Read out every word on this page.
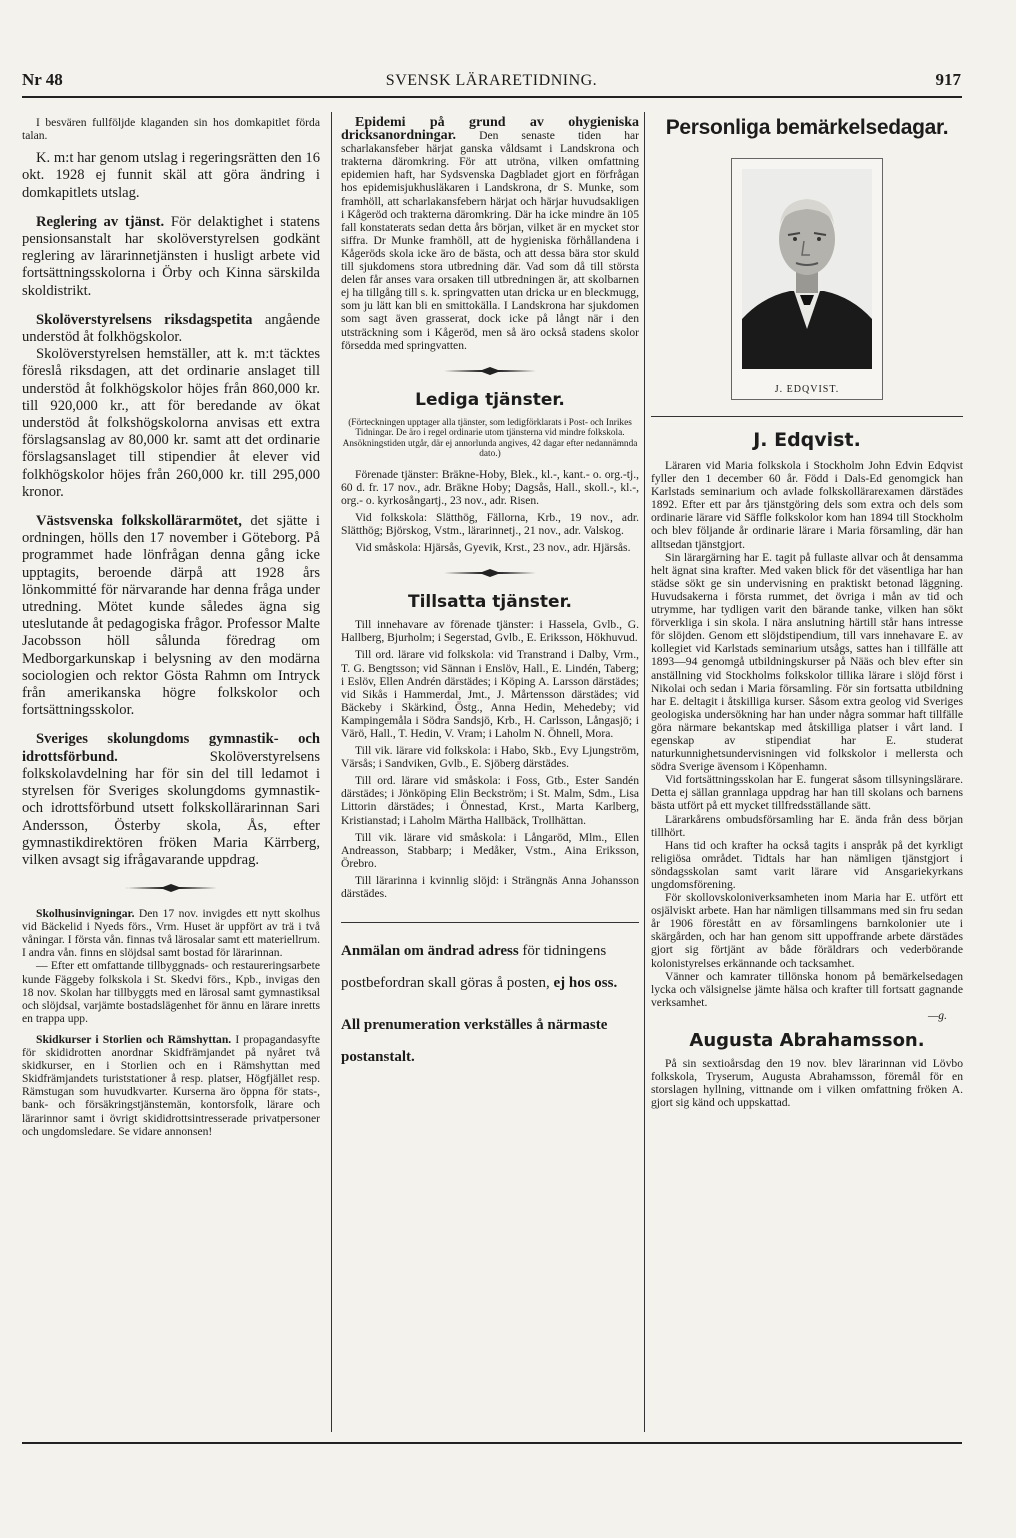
Nr 48	SVENSK LÄRARETIDNING.	917

I besvären fullföljde klaganden sin hos domkapitlet förda talan.

K. m:t har genom utslag i regeringsrätten den 16 okt. 1928 ej funnit skäl att göra ändring i domkapitlets utslag.

Reglering av tjänst. För delaktighet i statens pensionsanstalt har skolöverstyrelsen godkänt reglering av lärarinnetjänsten i husligt arbete vid fortsättningsskolorna i Örby och Kinna särskilda skoldistrikt.

Skolöverstyrelsens riksdagspetita angående understöd åt folkhögskolor.

Skolöverstyrelsen hemställer, att k. m:t täcktes föreslå riksdagen, att det ordinarie anslaget till understöd åt folkhögskolor höjes från 860,000 kr. till 920,000 kr., att för beredande av ökat understöd åt folkshögskolorna anvisas ett extra förslagsanslag av 80,000 kr. samt att det ordinarie förslagsanslaget till stipendier åt elever vid folkhögskolor höjes från 260,000 kr. till 295,000 kronor.

Västsvenska folkskollärarmötet, det sjätte i ordningen, hölls den 17 november i Göteborg. På programmet hade lönfrågan denna gång icke upptagits, beroende därpå att 1928 års lönkommitté för närvarande har denna fråga under utredning. Mötet kunde således ägna sig uteslutande åt pedagogiska frågor. Professor Malte Jacobsson höll sålunda föredrag om Medborgarkunskap i belysning av den modärna sociologien och rektor Gösta Rahmn om Intryck från amerikanska högre folkskolor och fortsättningsskolor.

Sveriges skolungdoms gymnastik- och idrottsförbund. Skolöverstyrelsens folkskolavdelning har för sin del till ledamot i styrelsen för Sveriges skolungdoms gymnastik- och idrottsförbund utsett folkskollärarinnan Sari Andersson, Österby skola, Ås, efter gymnastikdirektören fröken Maria Kärrberg, vilken avsagt sig ifrågavarande uppdrag.

Skolhusinvigningar. Den 17 nov. invigdes ett nytt skolhus vid Bäckelid i Nyeds förs., Vrm. Huset är uppfört av trä i två våningar. I första vån. finnas två lärosalar samt ett materiellrum. I andra vån. finns en slöjdsal samt bostad för lärarinnan.

— Efter ett omfattande tillbyggnads- och restaureringsarbete kunde Fäggeby folkskola i St. Skedvi förs., Kpb., invigas den 18 nov. Skolan har tillbyggts med en lärosal samt gymnastiksal och slöjdsal, varjämte bostadslägenhet för ännu en lärare inretts en trappa upp.

Skidkurser i Storlien och Rämshyttan. I propagandasyfte för skididrotten anordnar Skidfrämjandet på nyåret två skidkurser, en i Storlien och en i Rämshyttan med Skidfrämjandets turiststationer å resp. platser, Högfjället resp. Rämstugan som huvudkvarter. Kurserna äro öppna för stats-, bank- och försäkringstjänstemän, kontorsfolk, lärare och lärarinnor samt i övrigt skididrottsintresserade privatpersoner och ungdomsledare. Se vidare annonsen!

Epidemi på grund av ohygieniska dricksanordningar. Den senaste tiden har scharlakansfeber härjat ganska våldsamt i Landskrona och trakterna däromkring. För att utröna, vilken omfattning epidemien haft, har Sydsvenska Dagbladet gjort en förfrågan hos epidemisjukhusläkaren i Landskrona, dr S. Munke, som framhöll, att scharlakansfebern härjat och härjar huvudsakligen i Kågeröd och trakterna däromkring. Där ha icke mindre än 105 fall konstaterats sedan detta års början, vilket är en mycket stor siffra. Dr Munke framhöll, att de hygieniska förhållandena i Kågeröds skola icke äro de bästa, och att dessa bära stor skuld till sjukdomens stora utbredning där. Vad som då till största delen får anses vara orsaken till utbredningen är, att skolbarnen ej ha tillgång till s. k. springvatten utan dricka ur en bleckmugg, som ju lätt kan bli en smittokälla. I Landskrona har sjukdomen som sagt även grasserat, dock icke på långt när i den utsträckning som i Kågeröd, men så äro också stadens skolor försedda med springvatten.

Lediga tjänster.

(Förteckningen upptager alla tjänster, som ledigförklarats i Post- och Inrikes Tidningar. De äro i regel ordinarie utom tjänsterna vid mindre folkskola. Ansökningstiden utgår, där ej annorlunda angives, 42 dagar efter nedannämnda dato.)

Förenade tjänster: Bräkne-Hoby, Blek., kl.-, kant.- o. org.-tj., 60 d. fr. 17 nov., adr. Bräkne Hoby; Dagsås, Hall., skoll.-, kl.-, org.- o. kyrkosångartj., 23 nov., adr. Risen.

Vid folkskola: Slätthög, Fällorna, Krb., 19 nov., adr. Slätthög; Björskog, Vstm., lärarinnetj., 21 nov., adr. Valskog.

Vid småskola: Hjärsås, Gyevik, Krst., 23 nov., adr. Hjärsås.

Tillsatta tjänster.

Till innehavare av förenade tjänster: i Hassela, Gvlb., G. Hallberg, Bjurholm; i Segerstad, Gvlb., E. Eriksson, Hökhuvud.

Till ord. lärare vid folkskola: vid Transtrand i Dalby, Vrm., T. G. Bengtsson; vid Sännan i Enslöv, Hall., E. Lindén, Taberg; i Eslöv, Ellen Andrén därstädes; i Köping A. Larsson därstädes; vid Sikås i Hammerdal, Jmt., J. Mårtensson därstädes; vid Bäckeby i Skärkind, Östg., Anna Hedin, Mehedeby; vid Kampingemåla i Södra Sandsjö, Krb., H. Carlsson, Långasjö; i Värö, Hall., T. Hedin, V. Vram; i Laholm N. Öhnell, Mora.

Till vik. lärare vid folkskola: i Habo, Skb., Evy Ljungström, Värsås; i Sandviken, Gvlb., E. Sjöberg därstädes.

Till ord. lärare vid småskola: i Foss, Gtb., Ester Sandén därstädes; i Jönköping Elin Beckström; i St. Malm, Sdm., Lisa Littorin därstädes; i Önnestad, Krst., Marta Karlberg, Kristianstad; i Laholm Märtha Hallbäck, Trollhättan.

Till vik. lärare vid småskola: i Långaröd, Mlm., Ellen Andreasson, Stabbarp; i Medåker, Vstm., Aina Eriksson, Örebro.

Till lärarinna i kvinnlig slöjd: i Strängnäs Anna Johansson därstädes.

Anmälan om ändrad adress för tidningens postbefordran skall göras å posten, ej hos oss.

All prenumeration verkställes å närmaste postanstalt.

Personliga bemärkelsedagar.
J. EDQVIST.
J. Edqvist.

Läraren vid Maria folkskola i Stockholm John Edvin Edqvist fyller den 1 december 60 år. Född i Dals-Ed genomgick han Karlstads seminarium och avlade folkskollärarexamen därstädes 1892. Efter ett par års tjänstgöring dels som extra och dels som ordinarie lärare vid Säffle folkskolor kom han 1894 till Stockholm och blev följande år ordinarie lärare i Maria församling, där han alltsedan tjänstgjort.

Sin lärargärning har E. tagit på fullaste allvar och åt densamma helt ägnat sina krafter. Med vaken blick för det väsentliga har han städse sökt ge sin undervisning en praktiskt betonad läggning. Huvudsakerna i första rummet, det övriga i mån av tid och utrymme, har tydligen varit den bärande tanke, vilken han sökt förverkliga i sin skola. I nära anslutning härtill står hans intresse för slöjden. Genom ett slöjdstipendium, till vars innehavare E. av kollegiet vid Karlstads seminarium utsågs, sattes han i tillfälle att 1893—94 genomgå utbildningskurser på Nääs och blev efter sin anställning vid Stockholms folkskolor tillika lärare i slöjd först i Nikolai och sedan i Maria församling. För sin fortsatta utbildning har E. deltagit i åtskilliga kurser. Såsom extra geolog vid Sveriges geologiska undersökning har han under några sommar haft tillfälle göra närmare bekantskap med åtskilliga platser i vårt land. I egenskap av stipendiat har E. studerat naturkunnighetsundervisningen vid folkskolor i mellersta och södra Sverige ävensom i Köpenhamn.

Vid fortsättningsskolan har E. fungerat såsom tillsyningslärare. Detta ej sällan grannlaga uppdrag har han till skolans och barnens bästa utfört på ett mycket tillfredsställande sätt.

Lärarkårens ombudsförsamling har E. ända från dess början tillhört.

Hans tid och krafter ha också tagits i anspråk på det kyrkligt religiösa området. Tidtals har han nämligen tjänstgjort i söndagsskolan samt varit lärare vid Ansgariekyrkans ungdomsförening.

För skollovskoloniverksamheten inom Maria har E. utfört ett osjälviskt arbete. Han har nämligen tillsammans med sin fru sedan år 1906 förestått en av församlingens barnkolonier ute i skärgården, och har han genom sitt uppoffrande arbete därstädes gjort sig förtjänt av både föräldrars och vederbörande kolonistyrelses erkännande och tacksamhet.

Vänner och kamrater tillönska honom på bemärkelsedagen lycka och välsignelse jämte hälsa och krafter till fortsatt gagnande verksamhet.

—g.

Augusta Abrahamsson.

På sin sextioårsdag den 19 nov. blev lärarinnan vid Lövbo folkskola, Tryserum, Augusta Abrahamsson, föremål för en storslagen hyllning, vittnande om i vilken omfattning fröken A. gjort sig känd och uppskattad.
